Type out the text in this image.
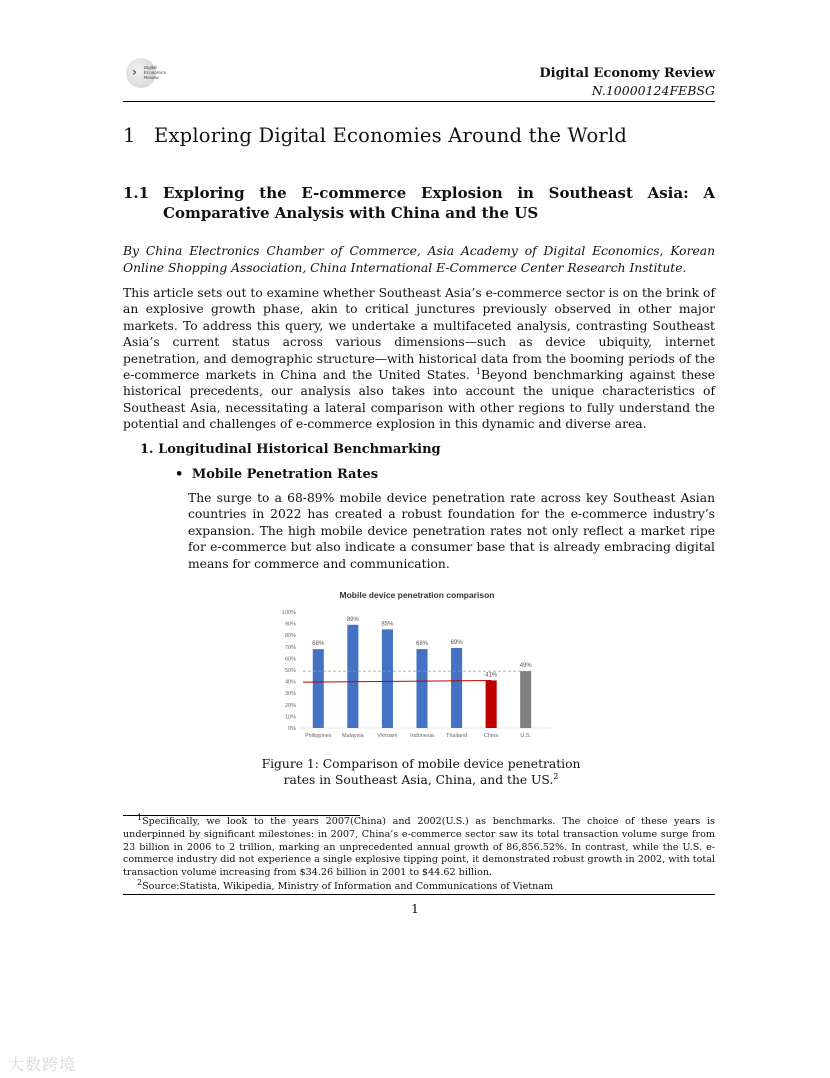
› Digital
Economics
Review	Digital Economy Review
N.10000124FEBSG
1 Exploring Digital Economies Around the World
1.1 Exploring the E-commerce Explosion in Southeast Asia: A Comparative Analysis with China and the US
By China Electronics Chamber of Commerce, Asia Academy of Digital Economics, Korean Online Shopping Association, China International E-Commerce Center Research Institute.
This article sets out to examine whether Southeast Asia’s e-commerce sector is on the brink of an explosive growth phase, akin to critical junctures previously observed in other major markets. To address this query, we undertake a multifaceted analysis, contrasting Southeast Asia’s current status across various dimensions—such as device ubiquity, internet penetration, and demographic structure—with historical data from the booming periods of the e-commerce markets in China and the United States. $^1$Beyond benchmarking against these historical precedents, our analysis also takes into account the unique characteristics of Southeast Asia, necessitating a lateral comparison with other regions to fully understand the potential and challenges of e-commerce explosion in this dynamic and diverse area.
1. Longitudinal Historical Benchmarking
• Mobile Penetration Rates
The surge to a 68-89% mobile device penetration rate across key Southeast Asian countries in 2022 has created a robust foundation for the e-commerce industry’s expansion. The high mobile device penetration rates not only reflect a market ripe for e-commerce but also indicate a consumer base that is already embracing digital means for commerce and communication.
Mobile device penetration comparison
0%
10%
20%
30%
40%
50%
60%
70%
80%
90%
100%
68%
89%
85%
68%	69%
41%
49%
Philippines Malaysia Vietnam Indonesia Thailand	China	U.S.
Figure 1: Comparison of mobile device penetration rates in Southeast Asia, China, and the US.$^2$
$^1$Specifically, we look to the years 2007(China) and 2002(U.S.) as benchmarks. The choice of these years is underpinned by significant milestones: in 2007, China’s e-commerce sector saw its total transaction volume surge from 23 billion in 2006 to 2 trillion, marking an unprecedented annual growth of 86,856.52%. In contrast, while the U.S. e-commerce industry did not experience a single explosive tipping point, it demonstrated robust growth in 2002, with total transaction volume increasing from $34.26 billion in 2001 to $44.62 billion.
$^2$Source:Statista, Wikipedia, Ministry of Information and Communications of Vietnam
1
大数跨境
